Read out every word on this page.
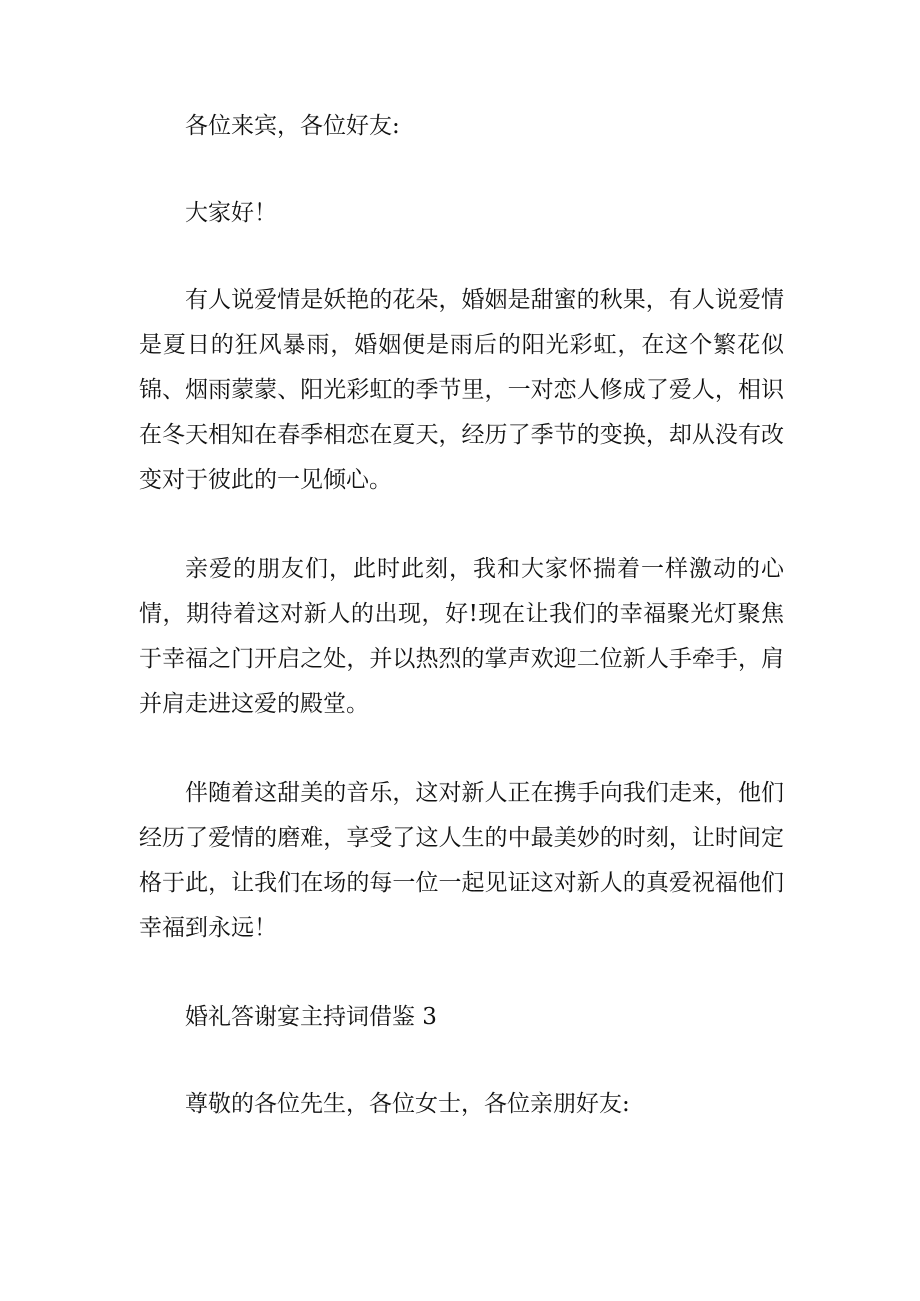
各位来宾，各位好友:

大家好！

有人说爱情是妖艳的花朵，婚姻是甜蜜的秋果，有人说爱情是夏日的狂风暴雨，婚姻便是雨后的阳光彩虹，在这个繁花似锦、烟雨蒙蒙、阳光彩虹的季节里，一对恋人修成了爱人，相识在冬天相知在春季相恋在夏天，经历了季节的变换，却从没有改变对于彼此的一见倾心。

亲爱的朋友们，此时此刻，我和大家怀揣着一样激动的心情，期待着这对新人的出现，好!现在让我们的幸福聚光灯聚焦于幸福之门开启之处，并以热烈的掌声欢迎二位新人手牵手，肩并肩走进这爱的殿堂。

伴随着这甜美的音乐，这对新人正在携手向我们走来，他们经历了爱情的磨难，享受了这人生的中最美妙的时刻，让时间定格于此，让我们在场的每一位一起见证这对新人的真爱祝福他们幸福到永远！

婚礼答谢宴主持词借鉴 3

尊敬的各位先生，各位女士，各位亲朋好友:
